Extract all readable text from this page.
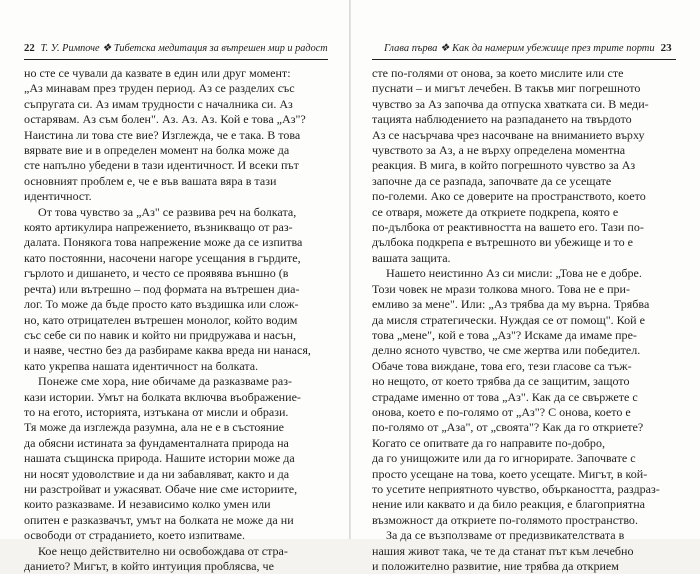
22 Т. У. Римпоче ❖ Тибетска медитация за вътрешен мир и радост
но сте се чували да казвате в един или друг момент:
„Аз минавам през труден период. Аз се разделих със
съпругата си. Аз имам трудности с началника си. Аз
остарявам. Аз съм болен". Аз. Аз. Аз. Кой е това „Аз"?
Наистина ли това сте вие? Изглежда, че е така. В това
вярвате вие и в определен момент на болка може да
сте напълно убедени в тази идентичност. И всеки път
основният проблем е, че е във вашата вяра в тази
идентичност.
От това чувство за „Аз" се развива реч на болката,
която артикулира напрежението, възникващо от раз-
далата. Понякога това напрежение може да се изпитва
като постоянни, насочени нагоре усещания в гърдите,
гърлото и дишането, и често се проявява външно (в
речта) или вътрешно – под формата на вътрешен диа-
лог. То може да бъде просто като въздишка или слож-
но, като отрицателен вътрешен монолог, който водим
със себе си по навик и който ни придружава и насън,
и наяве, честно без да разбираме каква вреда ни нанася,
като укрепва нашата идентичност на болката.
Понеже сме хора, ние обичаме да разказваме раз-
кази истории. Умът на болката включва въображение-
то на егото, историята, изтъкана от мисли и образи.
Тя може да изглежда разумна, ала не е в състояние
да обясни истината за фундаменталната природа на
нашата същинска природа. Нашите истории може да
ни носят удоволствие и да ни забавляват, както и да
ни разстройват и ужасяват. Обаче ние сме историите,
които разказваме. И независимо колко умен или
опитен е разказвачът, умът на болката не може да ни
освободи от страданието, което изпитваме.
Кое нещо действително ни освобождава от стра-
данието? Мигът, в който интуиция проблясва, че
Глава първа ❖ Как да намерим убежище през трите порти 23
сте по-голями от онова, за което мислите или сте
пуснати – и мигът лечебен. В такъв миг погрешното
чувство за Аз започва да отпуска хватката си. В меди-
тацията наблюдението на разпадането на твърдото
Аз се насърчава чрез насочване на вниманието върху
чувството за Аз, а не върху определена моментна
реакция. В мига, в който погрешното чувство за Аз
започне да се разпада, започвате да се усещате
по-големи. Ако се доверите на пространството, което
се отваря, можете да откриете подкрепа, която е
по-дълбока от реактивността на вашето его. Тази по-
дълбока подкрепа е вътрешното ви убежище и то е
вашата защита.
Нашето неистинно Аз си мисли: „Това не е добре.
Този човек не мрази толкова много. Това не е при-
емливо за мене". Или: „Аз трябва да му върна. Трябва
да мисля стратегически. Нуждая се от помощ". Кой е
това „мене", кой е това „Аз"? Искаме да имаме пре-
делно ясното чувство, че сме жертва или победител.
Обаче това виждане, това его, тези гласове са тъж-
но нещото, от което трябва да се защитим, защото
страдаме именно от това „Аз". Как да се свържете с
онова, което е по-голямо от „Аз"? С онова, което е
по-голямо от „Аза", от „своята"? Как да го откриете?
Когато се опитвате да го направите по-добро,
да го унищожите или да го игнорирате. Започвате с
просто усещане на това, което усещате. Мигът, в кой-
то усетите неприятното чувство, объркаността, раздраз-
нение или каквато и да било реакция, е благоприятна
възможност да откриете по-голямото пространство.
За да се възползваме от предизвикателствата в
нашия живот така, че те да станат път към лечебно
и положително развитие, ние трябва да открием
